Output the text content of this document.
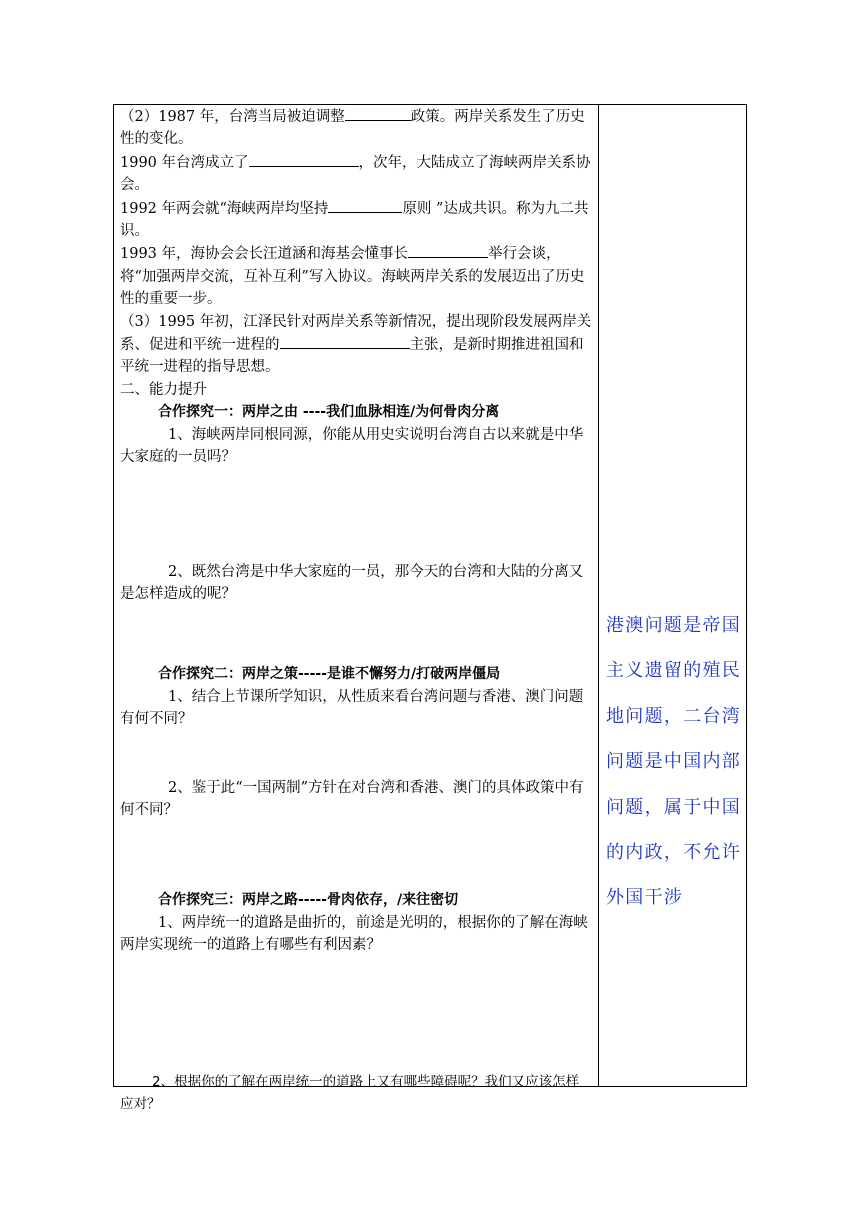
（2）1987 年，台湾当局被迫调整	政策。两岸关系发生了历史性的变化。

1990 年台湾成立了	，次年，大陆成立了海峡两岸关系协会。

1992 年两会就“海峡两岸均坚持	原则 ”达成共识。称为九二共识。

1993 年，海协会会长汪道涵和海基会懂事长	举行会谈，将“加强两岸交流，互补互利”写入协议。海峡两岸关系的发展迈出了历史性的重要一步。

（3）1995 年初，江泽民针对两岸关系等新情况，提出现阶段发展两岸关系、促进和平统一进程的	主张，是新时期推进祖国和平统一进程的指导思想。

二、能力提升

合作探究一：两岸之由 ----我们血脉相连/为何骨肉分离

1、海峡两岸同根同源，你能从用史实说明台湾自古以来就是中华大家庭的一员吗？

2、既然台湾是中华大家庭的一员，那今天的台湾和大陆的分离又是怎样造成的呢？

合作探究二：两岸之策-----是谁不懈努力/打破两岸僵局

1、结合上节课所学知识，从性质来看台湾问题与香港、澳门问题有何不同？

2、鉴于此“一国两制”方针在对台湾和香港、澳门的具体政策中有何不同？

合作探究三：两岸之路-----骨肉依存，/来往密切

1、两岸统一的道路是曲折的，前途是光明的，根据你的了解在海峡两岸实现统一的道路上有哪些有利因素？

2、根据你的了解在两岸统一的道路上又有哪些障碍呢？我们又应该怎样应对？

港澳问题是帝国主义遗留的殖民地问题，二台湾问题是中国内部问题，属于中国的内政，不允许外国干涉
